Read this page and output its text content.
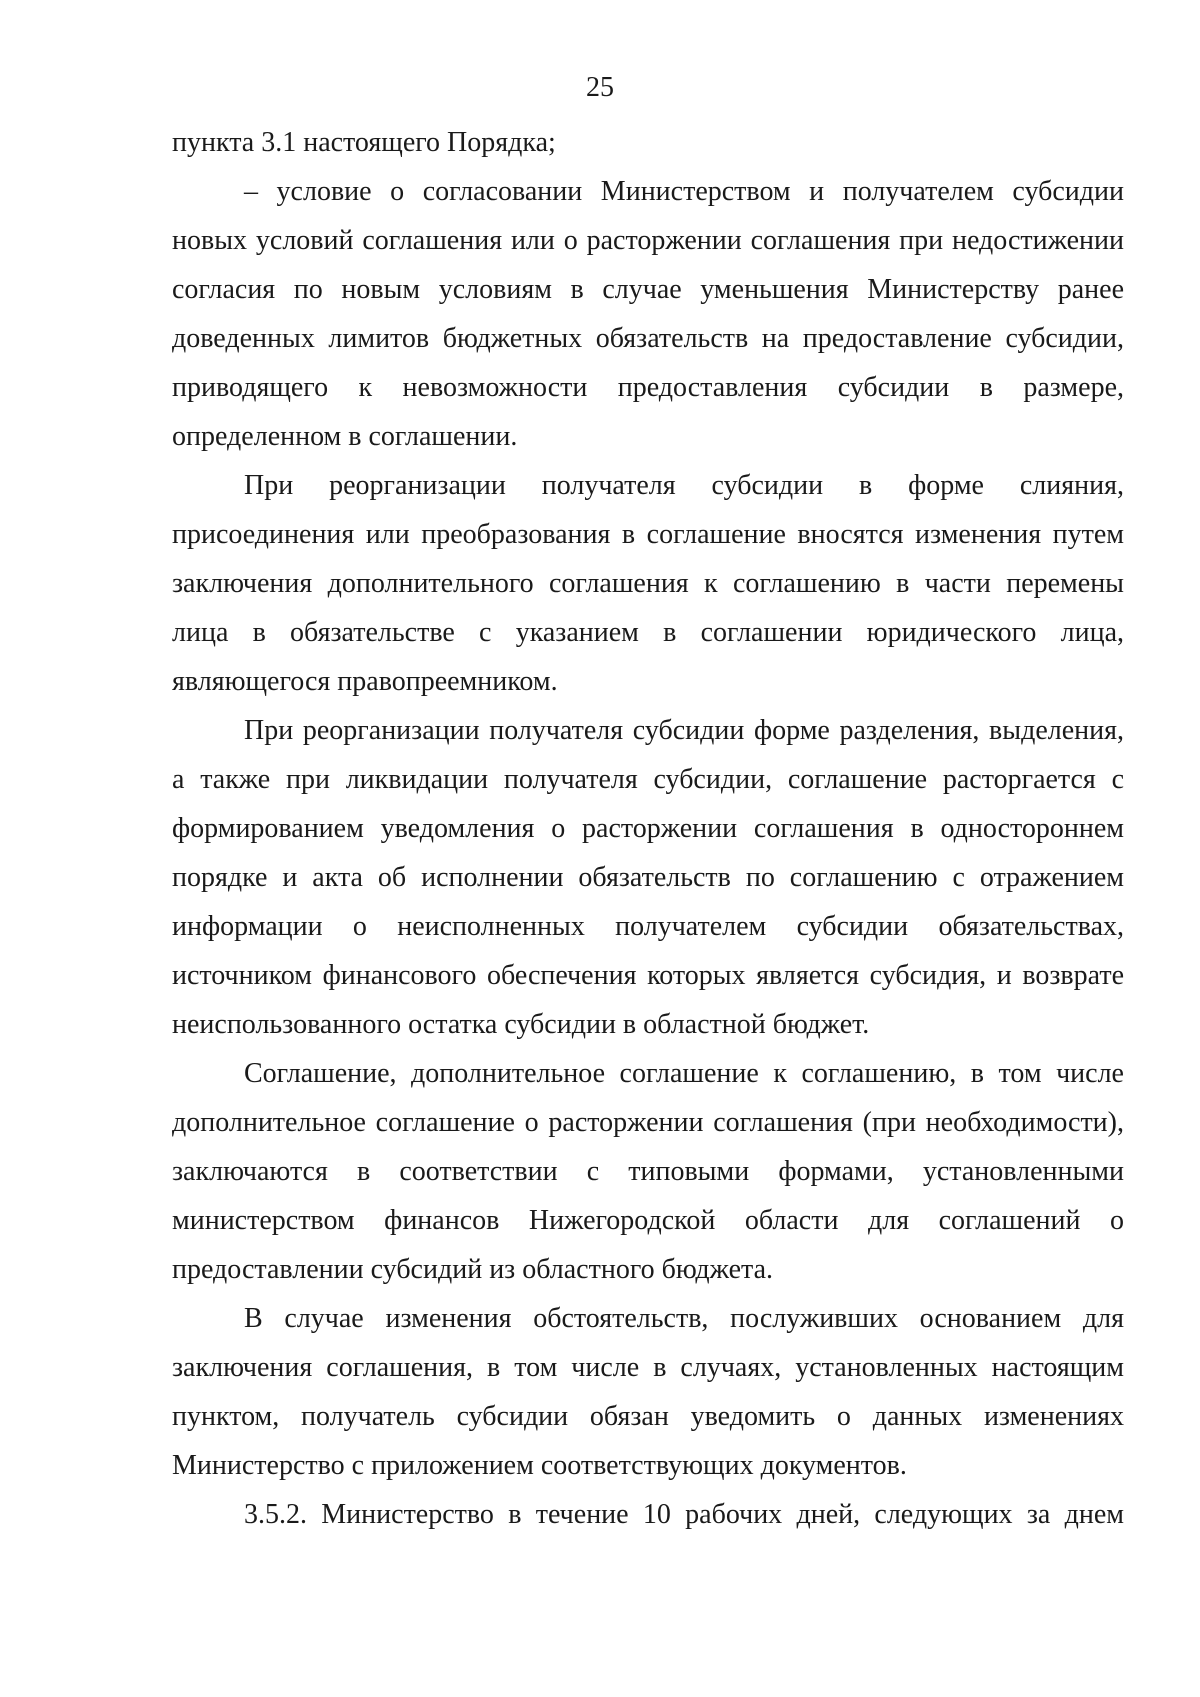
25

пункта 3.1 настоящего Порядка;

– условие о согласовании Министерством и получателем субсидии новых условий соглашения или о расторжении соглашения при недостижении согласия по новым условиям в случае уменьшения Министерству ранее доведенных лимитов бюджетных обязательств на предоставление субсидии, приводящего к невозможности предоставления субсидии в размере, определенном в соглашении.

При реорганизации получателя субсидии в форме слияния, присоединения или преобразования в соглашение вносятся изменения путем заключения дополнительного соглашения к соглашению в части перемены лица в обязательстве с указанием в соглашении юридического лица, являющегося правопреемником.

При реорганизации получателя субсидии форме разделения, выделения, а также при ликвидации получателя субсидии, соглашение расторгается с формированием уведомления о расторжении соглашения в одностороннем порядке и акта об исполнении обязательств по соглашению с отражением информации о неисполненных получателем субсидии обязательствах, источником финансового обеспечения которых является субсидия, и возврате неиспользованного остатка субсидии в областной бюджет.

Соглашение, дополнительное соглашение к соглашению, в том числе дополнительное соглашение о расторжении соглашения (при необходимости), заключаются в соответствии с типовыми формами, установленными министерством финансов Нижегородской области для соглашений о предоставлении субсидий из областного бюджета.

В случае изменения обстоятельств, послуживших основанием для заключения соглашения, в том числе в случаях, установленных настоящим пунктом, получатель субсидии обязан уведомить о данных изменениях Министерство с приложением соответствующих документов.

3.5.2. Министерство в течение 10 рабочих дней, следующих за днем
